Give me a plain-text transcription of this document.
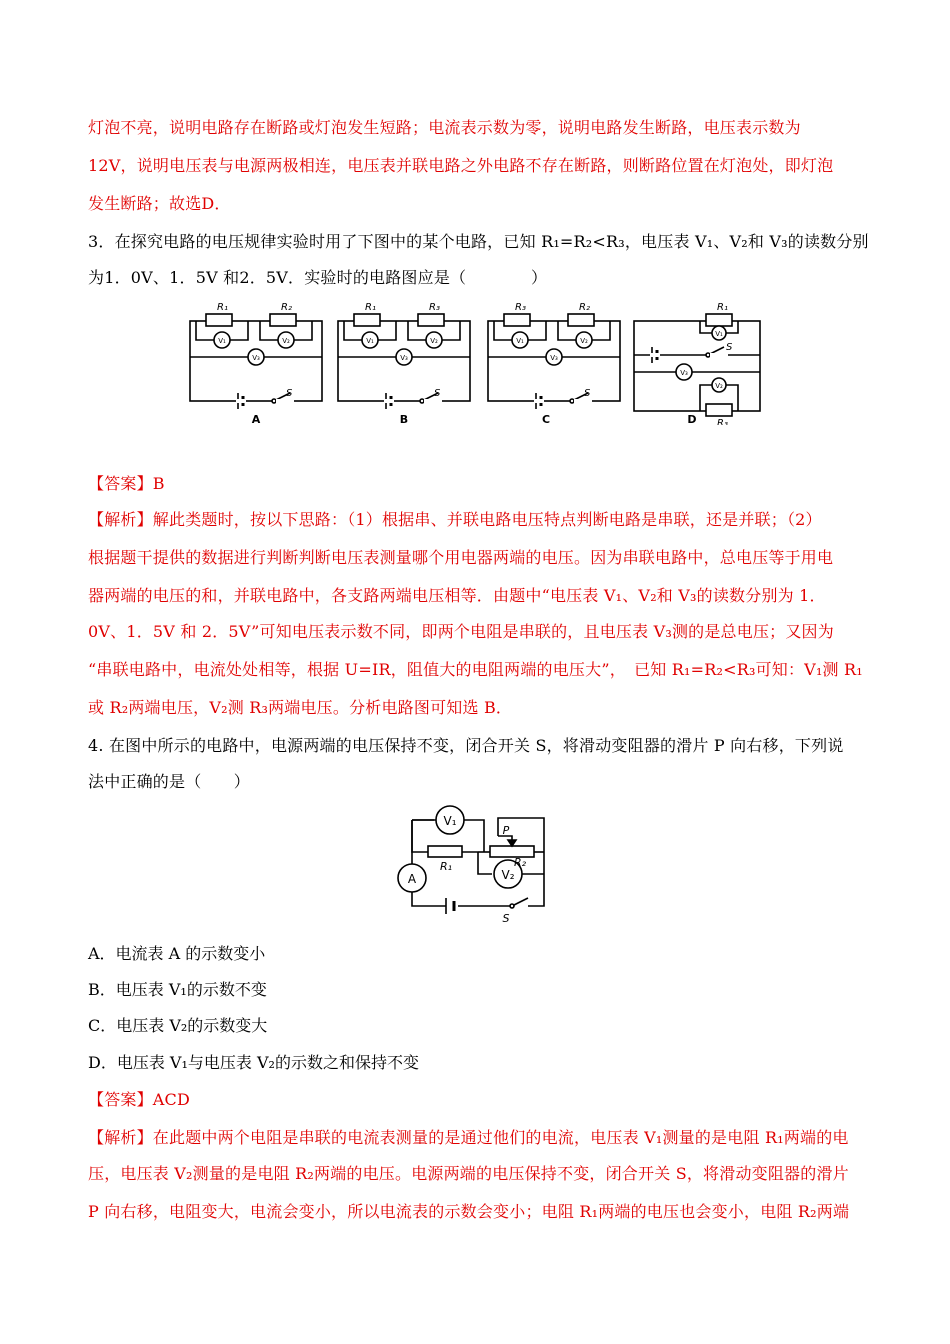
灯泡不亮，说明电路存在断路或灯泡发生短路；电流表示数为零，说明电路发生断路，电压表示数为
12V，说明电压表与电源两极相连，电压表并联电路之外电路不存在断路，则断路位置在灯泡处，即灯泡
发生断路；故选D．
3．在探究电路的电压规律实验时用了下图中的某个电路，已知 R₁=R₂<R₃，电压表 V₁、V₂和 V₃的读数分别
为1．0V、1．5V 和2．5V．实验时的电路图应是（　　　　）
R₁	R₂	R₁	R₃	R₃	R₂	R₁
R₃
V₁	V₂
V₃
V₁	V₂
V₃
V₁	V₂
V₃
V₁
V₃
V₂
S	S	S
S
A	B	C	D
【答案】B
【解析】解此类题时，按以下思路：（1）根据串、并联电路电压特点判断电路是串联，还是并联；（2）
根据题干提供的数据进行判断判断电压表测量哪个用电器两端的电压。因为串联电路中，总电压等于用电
器两端的电压的和，并联电路中，各支路两端电压相等．由题中“电压表 V₁、V₂和 V₃的读数分别为 1．
0V、1．5V 和 2．5V”可知电压表示数不同，即两个电阻是串联的，且电压表 V₃测的是总电压；又因为
“串联电路中，电流处处相等，根据 U=IR，阻值大的电阻两端的电压大”，　已知 R₁=R₂<R₃可知：V₁测 R₁
或 R₂两端电压，V₂测 R₃两端电压。分析电路图可知选 B．
4. 在图中所示的电路中，电源两端的电压保持不变，闭合开关 S，将滑动变阻器的滑片 P 向右移，下列说
法中正确的是（　　）
V₁
V₂
A
R₁	R₂
P
S
A．电流表 A 的示数变小
B．电压表 V₁的示数不变
C．电压表 V₂的示数变大
D．电压表 V₁与电压表 V₂的示数之和保持不变
【答案】ACD
【解析】在此题中两个电阻是串联的电流表测量的是通过他们的电流，电压表 V₁测量的是电阻 R₁两端的电
压，电压表 V₂测量的是电阻 R₂两端的电压。电源两端的电压保持不变，闭合开关 S，将滑动变阻器的滑片
P 向右移，电阻变大，电流会变小，所以电流表的示数会变小；电阻 R₁两端的电压也会变小，电阻 R₂两端
